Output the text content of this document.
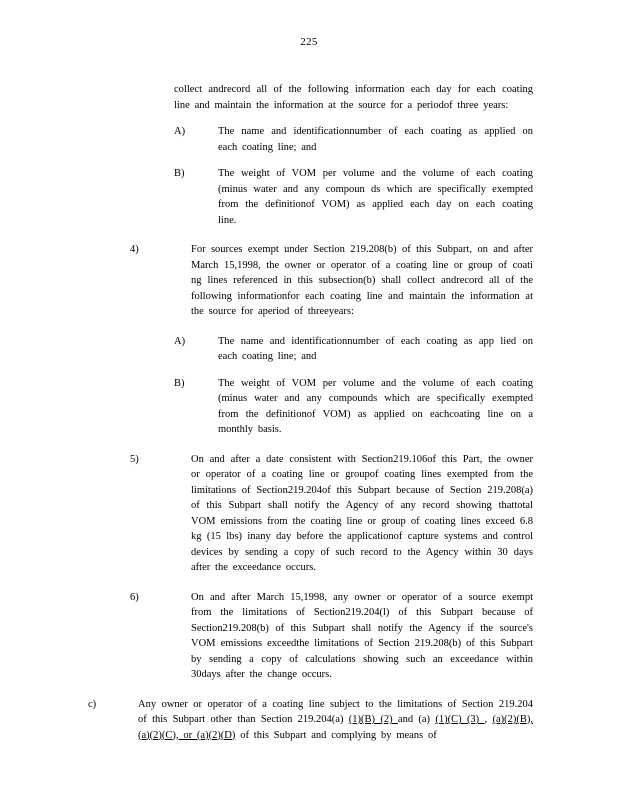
225
collect andrecord all of the following information each day for each coating line and maintain the information at the source for a periodof three years:
A)	The name and identificationnumber of each coating as applied on each coating line; and
B)	The weight of VOM per volume and the volume of each coating (minus water and any compoun ds which are specifically exempted from the definitionof VOM) as applied each day on each coating line.
4)	For sources exempt under Section 219.208(b) of this Subpart, on and after March 15,1998, the owner or operator of a coating line or group of coati ng lines referenced in this subsection(b) shall collect andrecord all of the following informationfor each coating line and maintain the information at the source for aperiod of threeyears:
A)	The name and identificationnumber of each coating as app lied on each coating line; and
B)	The weight of VOM per volume and the volume of each coating (minus water and any compounds which are specifically exempted from the definitionof VOM) as applied on eachcoating line on a monthly basis.
5)	On and after a date consistent with Section219.106of this Part, the owner or operator of a coating line or groupof coating lines exempted from the limitations of Section219.204of this Subpart because of Section 219.208(a) of this Subpart shall notify the Agency of any record showing thattotal VOM emissions from the coating line or group of coating lines exceed 6.8 kg (15 lbs) inany day before the applicationof capture systems and control devices by sending a copy of such record to the Agency within 30 days after the exceedance occurs.
6)	On and after March 15,1998, any owner or operator of a source exempt from the limitations of Section219.204(l) of this Subpart because of Section219.208(b) of this Subpart shall notify the Agency if the source's VOM emissions exceedthe limitations of Section 219.208(b) of this Subpart by sending a copy of calculations showing such an exceedance within 30days after the change occurs.
c)	Any owner or operator of a coating line subject to the limitations of Section 219.204 of this Subpart other than Section 219.204(a) (1)(B) (2) and (a) (1)(C) (3) , (a)(2)(B), (a)(2)(C), or (a)(2)(D) of this Subpart and complying by means of
